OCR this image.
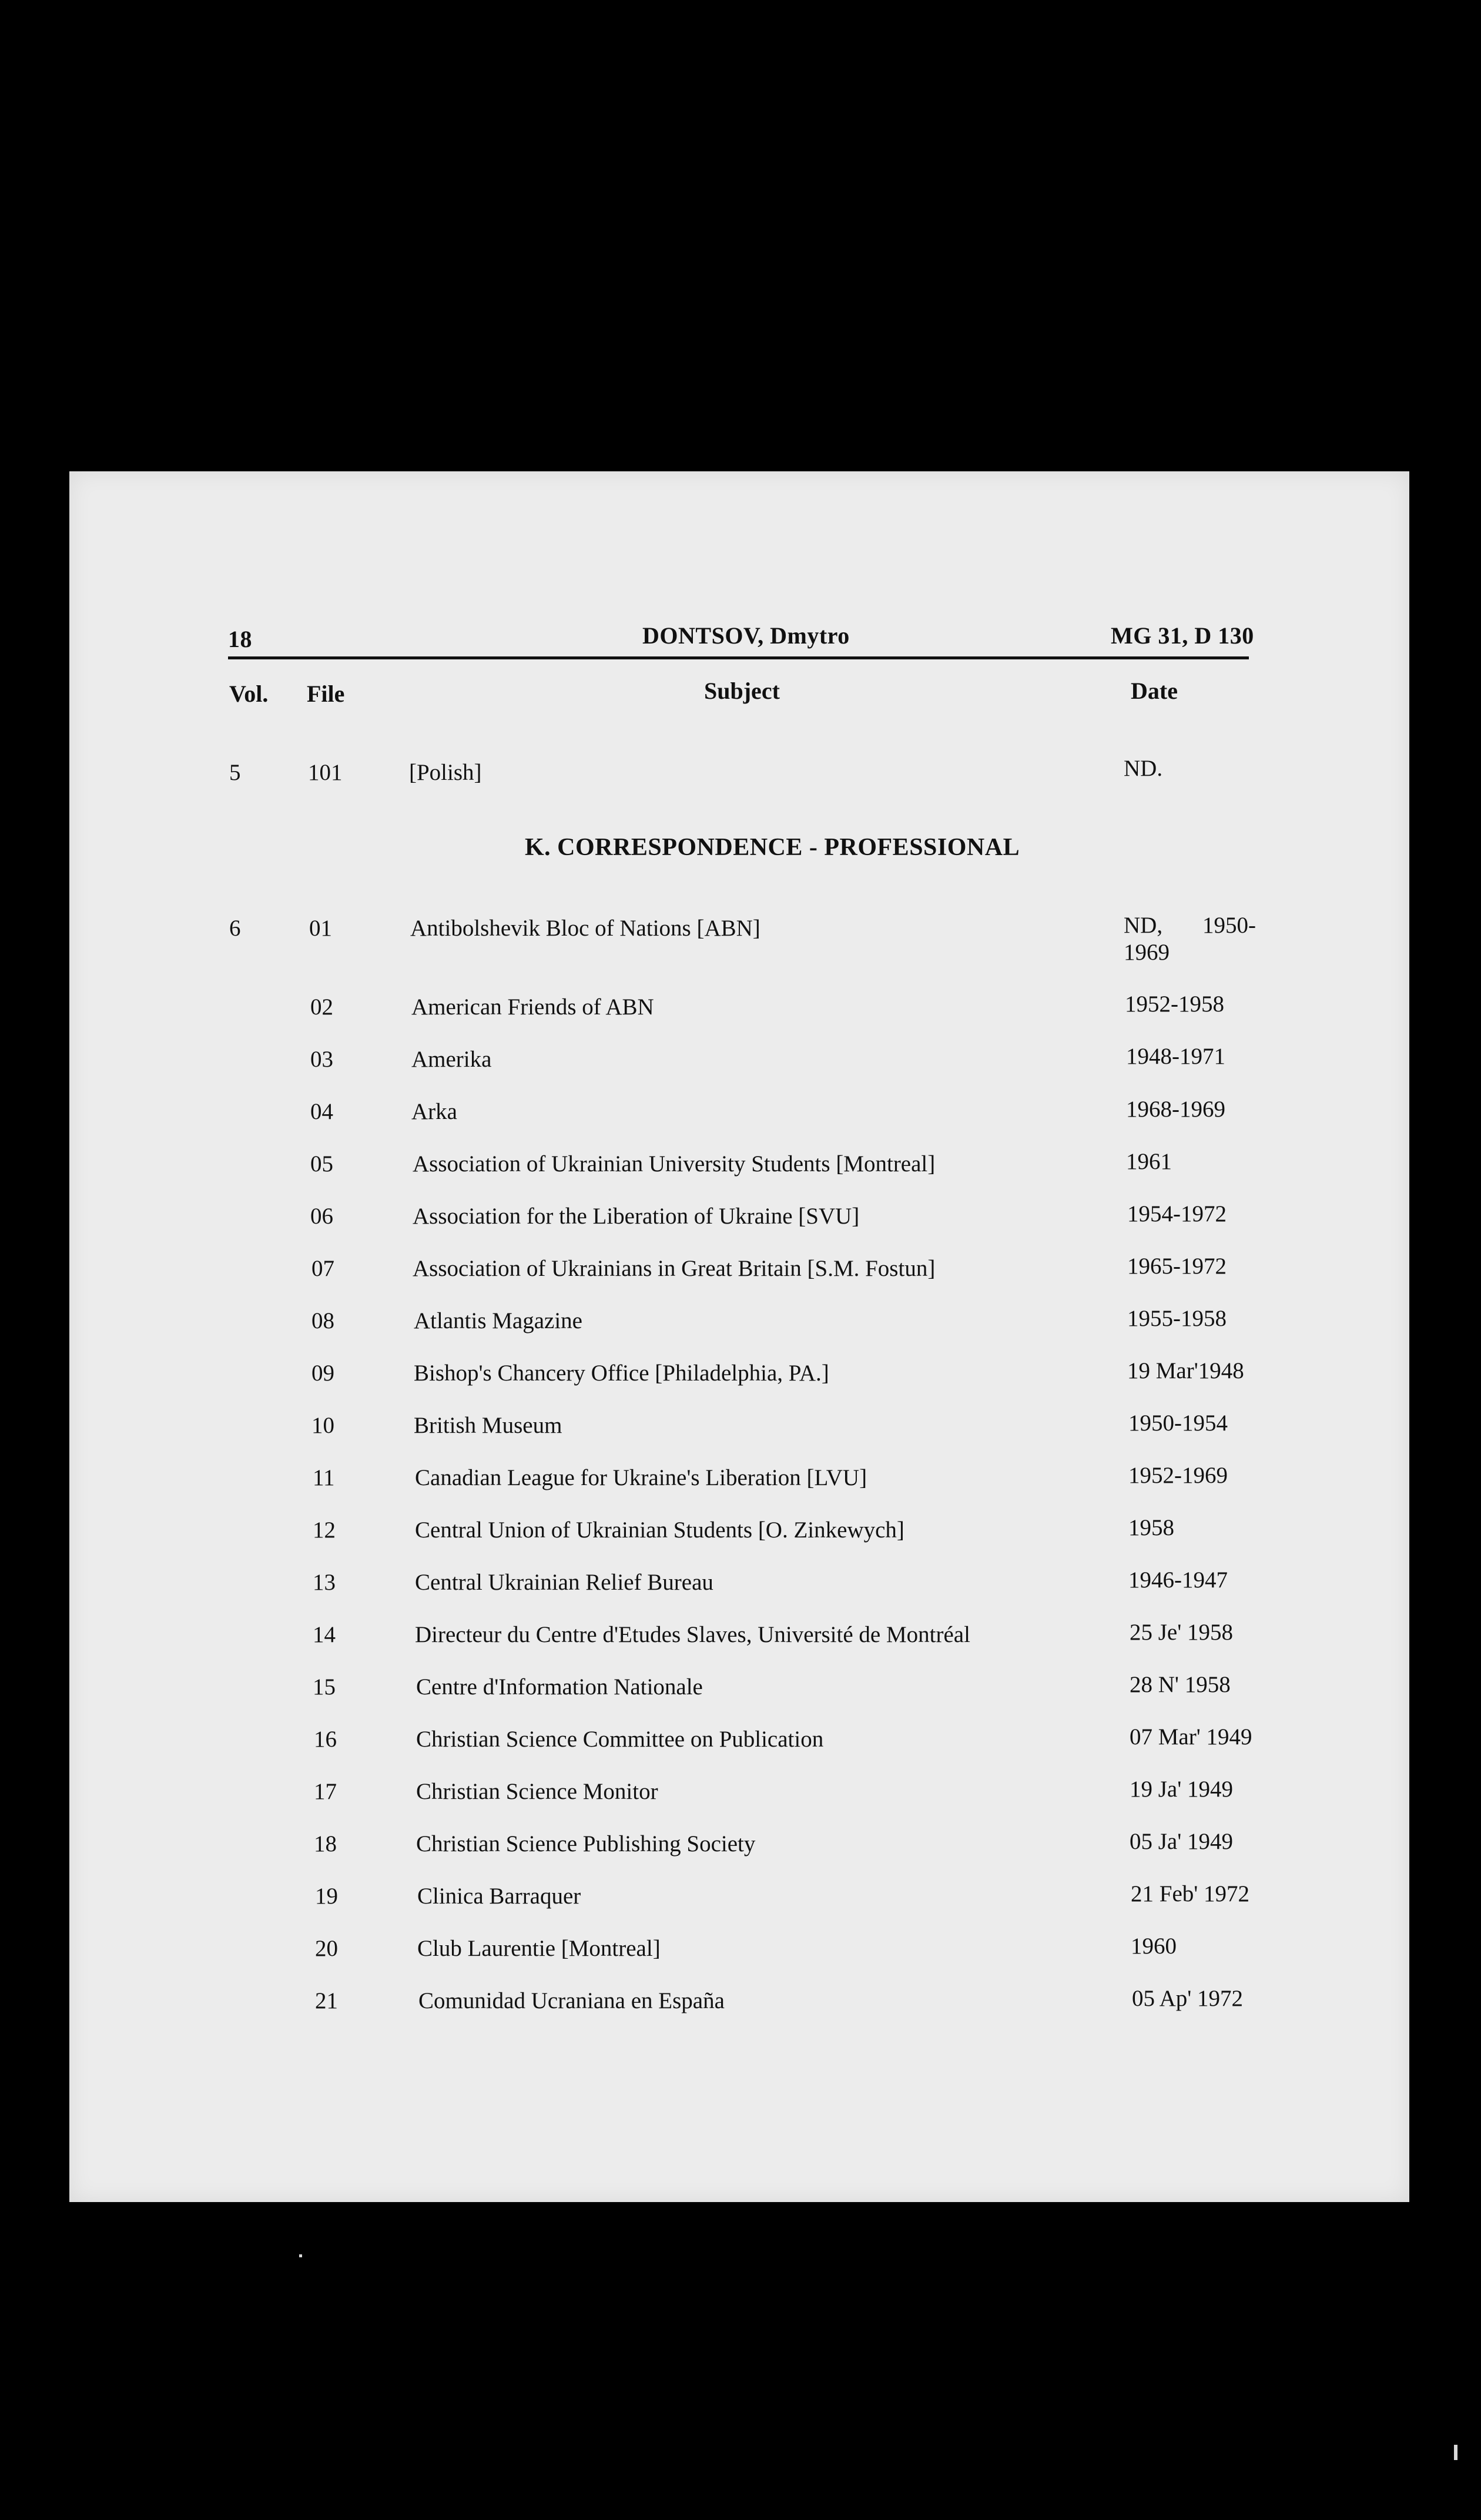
18	DONTSOV, Dmytro	MG 31, D 130
Vol. File	Subject	Date
5	101	[Polish]	ND.
K. CORRESPONDENCE - PROFESSIONAL
6	01	Antibolshevik Bloc of Nations [ABN]	ND, 1950-1969
02	American Friends of ABN	1952-1958
03	Amerika	1948-1971
04	Arka	1968-1969
05	Association of Ukrainian University Students [Montreal]	1961
06	Association for the Liberation of Ukraine [SVU]	1954-1972
07	Association of Ukrainians in Great Britain [S.M. Fostun]	1965-1972
08	Atlantis Magazine	1955-1958
09	Bishop's Chancery Office [Philadelphia, PA.]	19 Mar'1948
10	British Museum	1950-1954
11	Canadian League for Ukraine's Liberation [LVU]	1952-1969
12	Central Union of Ukrainian Students [O. Zinkewych]	1958
13	Central Ukrainian Relief Bureau	1946-1947
14	Directeur du Centre d'Etudes Slaves, Université de Montréal	25 Je' 1958
15	Centre d'Information Nationale	28 N' 1958
16	Christian Science Committee on Publication	07 Mar' 1949
17	Christian Science Monitor	19 Ja' 1949
18	Christian Science Publishing Society	05 Ja' 1949
19	Clinica Barraquer	21 Feb' 1972
20	Club Laurentie [Montreal]	1960
21	Comunidad Ucraniana en España	05 Ap' 1972
